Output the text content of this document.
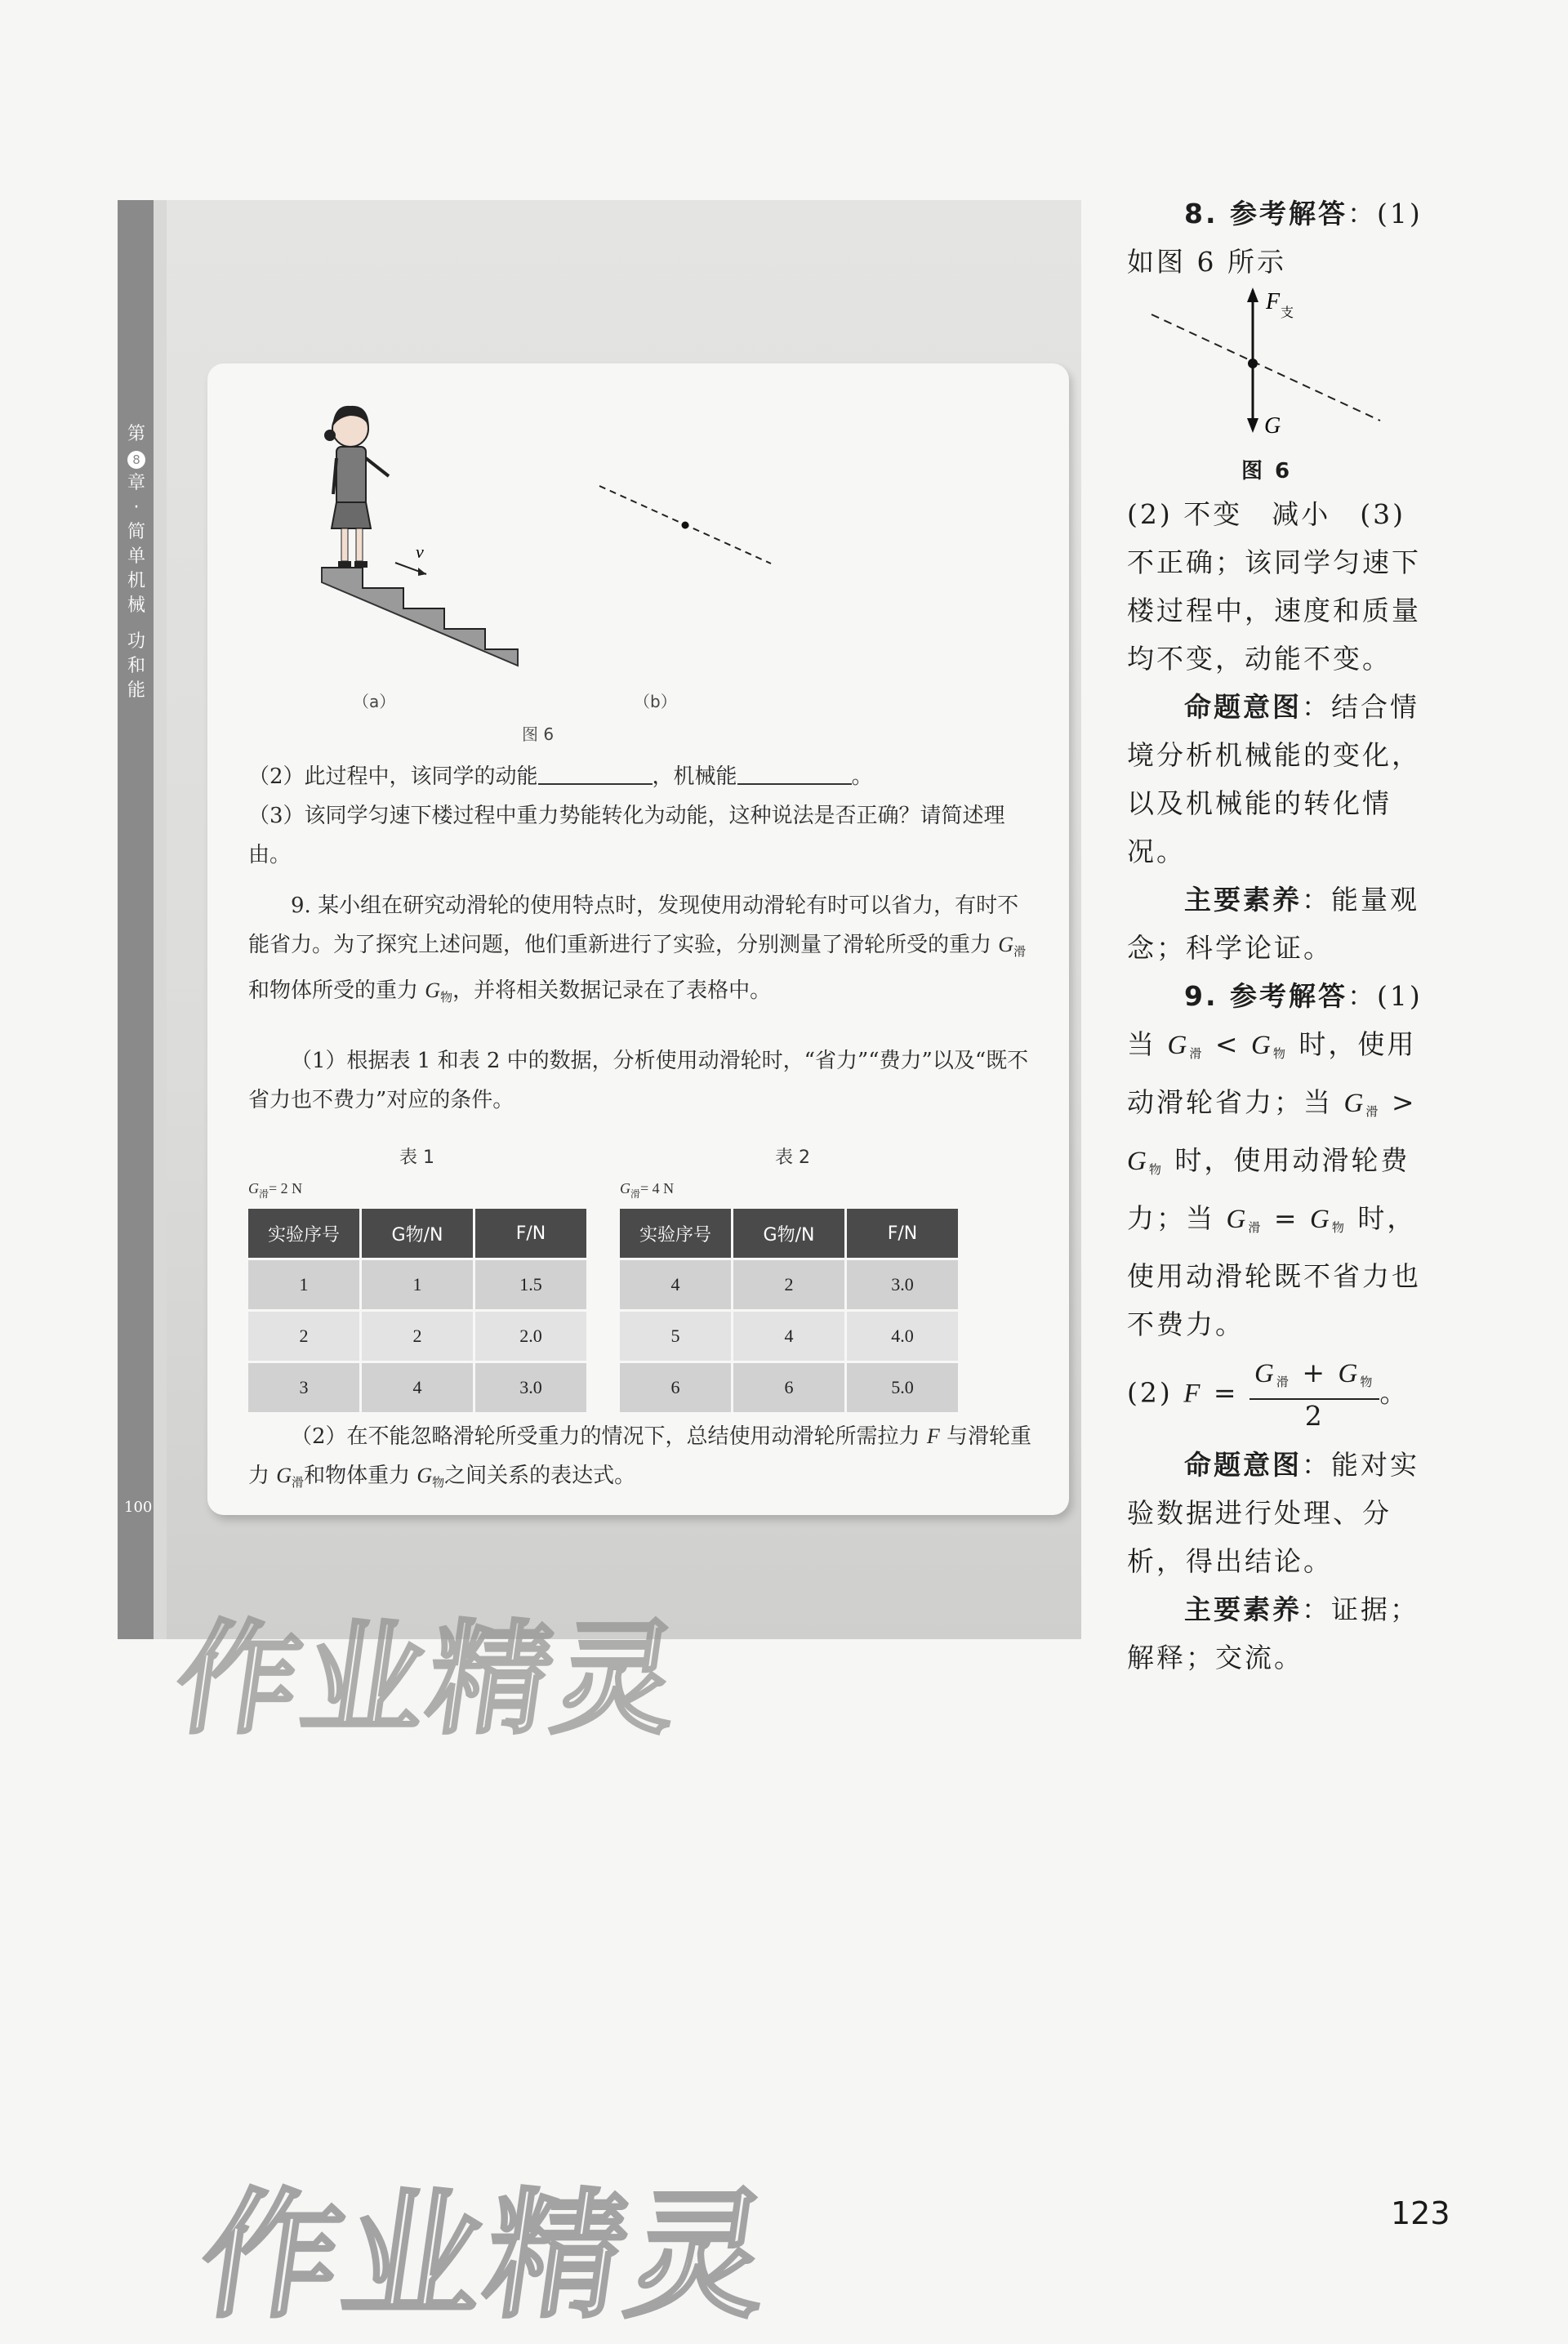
第
8
章
·
简
单
机
械
功
和
能
100
v
（a）	（b）
图 6
（2）此过程中，该同学的动能	，机械能	。
（3）该同学匀速下楼过程中重力势能转化为动能，这种说法是否正确？请简述理由。
9. 某小组在研究动滑轮的使用特点时，发现使用动滑轮有时可以省力，有时不能省力。为了探究上述问题，他们重新进行了实验，分别测量了滑轮所受的重力 $G_滑$和物体所受的重力 $G_物$，并将相关数据记录在了表格中。
（1）根据表 1 和表 2 中的数据，分析使用动滑轮时，“省力”“费力”以及“既不省力也不费力”对应的条件。
表 1
$G_滑= 2$ N
实验序号	G物/N	F/N
1	1	1.5
2	2	2.0
3	4	3.0
表 2
$G_滑= 4$ N
实验序号	G物/N	F/N
4	2	3.0
5	4	4.0
6	6	5.0
（2）在不能忽略滑轮所受重力的情况下，总结使用动滑轮所需拉力 F 与滑轮重力 $G_滑$和物体重力 $G_物$之间关系的表达式。
作业精灵

8. 参考解答：(1)

如图 6 所示

F
支
G
图 6

(2) 不变　减小　(3) 不正确；该同学匀速下楼过程中，速度和质量均不变，动能不变。

命题意图：结合情境分析机械能的变化，以及机械能的转化情况。

主要素养：能量观念；科学论证。

9. 参考解答：(1)

当 $G_滑 < G_物$ 时，使用动滑轮省力；当 $G_滑 > G_物$ 时，使用动滑轮费力；当 $G_滑 = G_物$ 时，使用动滑轮既不省力也不费力。

(2) $F = \frac{G_滑 + G_物}{2}$ 。

命题意图：能对实验数据进行处理、分析，得出结论。

主要素养：证据；解释；交流。

作业精灵	123
